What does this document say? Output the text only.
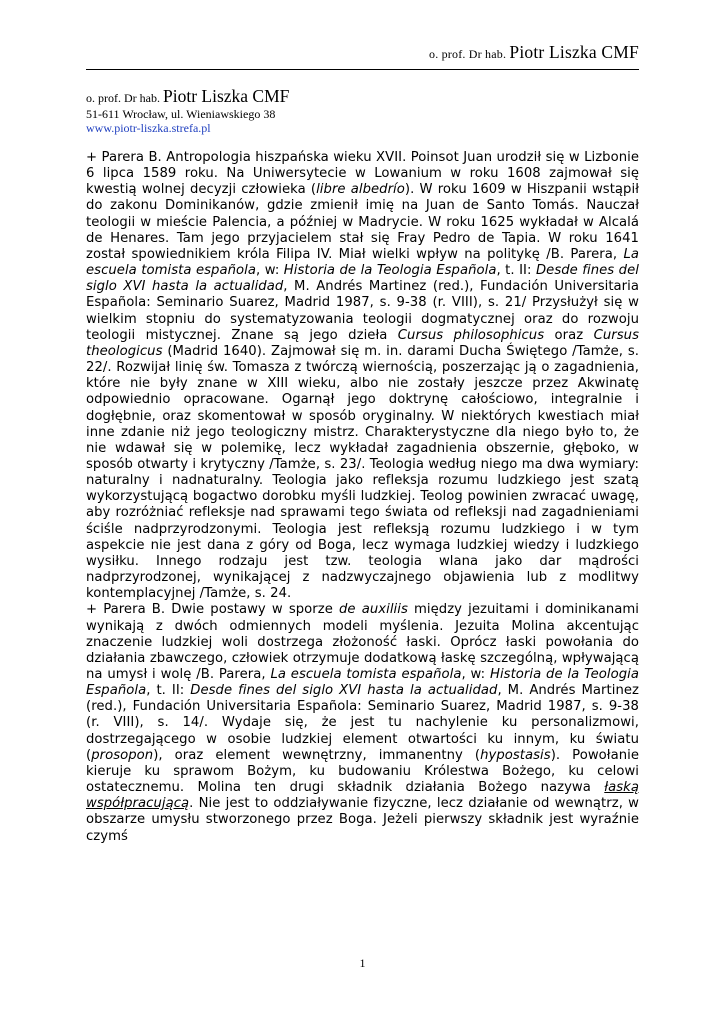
o. prof. Dr hab. Piotr Liszka CMF
o. prof. Dr hab. Piotr Liszka CMF
51-611 Wrocław, ul. Wieniawskiego 38
www.piotr-liszka.strefa.pl

+ Parera B. Antropologia hiszpańska wieku XVII. Poinsot Juan urodził się w Lizbonie 6 lipca 1589 roku. Na Uniwersytecie w Lowanium w roku 1608 zajmował się kwestią wolnej decyzji człowieka (libre albedrío). W roku 1609 w Hiszpanii wstąpił do zakonu Dominikanów, gdzie zmienił imię na Juan de Santo Tomás. Nauczał teologii w mieście Palencia, a później w Madrycie. W roku 1625 wykładał w Alcalá de Henares. Tam jego przyjacielem stał się Fray Pedro de Tapia. W roku 1641 został spowiednikiem króla Filipa IV. Miał wielki wpływ na politykę /B. Parera, La escuela tomista española, w: Historia de la Teologia Española, t. II: Desde fines del siglo XVI hasta la actualidad, M. Andrés Martinez (red.), Fundación Universitaria Española: Seminario Suarez, Madrid 1987, s. 9-38 (r. VIII), s. 21/ Przysłużył się w wielkim stopniu do systematyzowania teologii dogmatycznej oraz do rozwoju teologii mistycznej. Znane są jego dzieła Cursus philosophicus oraz Cursus theologicus (Madrid 1640). Zajmował się m. in. darami Ducha Świętego /Tamże, s. 22/. Rozwijał linię św. Tomasza z twórczą wiernością, poszerzając ją o zagadnienia, które nie były znane w XIII wieku, albo nie zostały jeszcze przez Akwinatę odpowiednio opracowane. Ogarnął jego doktrynę całościowo, integralnie i dogłębnie, oraz skomentował w sposób oryginalny. W niektórych kwestiach miał inne zdanie niż jego teologiczny mistrz. Charakterystyczne dla niego było to, że nie wdawał się w polemikę, lecz wykładał zagadnienia obszernie, głęboko, w sposób otwarty i krytyczny /Tamże, s. 23/. Teologia według niego ma dwa wymiary: naturalny i nadnaturalny. Teologia jako refleksja rozumu ludzkiego jest szatą wykorzystującą bogactwo dorobku myśli ludzkiej. Teolog powinien zwracać uwagę, aby rozróżniać refleksje nad sprawami tego świata od refleksji nad zagadnieniami ściśle nadprzyrodzonymi. Teologia jest refleksją rozumu ludzkiego i w tym aspekcie nie jest dana z góry od Boga, lecz wymaga ludzkiej wiedzy i ludzkiego wysiłku. Innego rodzaju jest tzw. teologia wlana jako dar mądrości nadprzyrodzonej, wynikającej z nadzwyczajnego objawienia lub z modlitwy kontemplacyjnej /Tamże, s. 24.

+ Parera B. Dwie postawy w sporze de auxiliis między jezuitami i dominikanami wynikają z dwóch odmiennych modeli myślenia. Jezuita Molina akcentując znaczenie ludzkiej woli dostrzega złożoność łaski. Oprócz łaski powołania do działania zbawczego, człowiek otrzymuje dodatkową łaskę szczególną, wpływającą na umysł i wolę /B. Parera, La escuela tomista española, w: Historia de la Teologia Española, t. II: Desde fines del siglo XVI hasta la actualidad, M. Andrés Martinez (red.), Fundación Universitaria Española: Seminario Suarez, Madrid 1987, s. 9-38 (r. VIII), s. 14/. Wydaje się, że jest tu nachylenie ku personalizmowi, dostrzegającego w osobie ludzkiej element otwartości ku innym, ku światu (prosopon), oraz element wewnętrzny, immanentny (hypostasis). Powołanie kieruje ku sprawom Bożym, ku budowaniu Królestwa Bożego, ku celowi ostatecznemu. Molina ten drugi składnik działania Bożego nazywa łaską współpracującą. Nie jest to oddziaływanie fizyczne, lecz działanie od wewnątrz, w obszarze umysłu stworzonego przez Boga. Jeżeli pierwszy składnik jest wyraźnie czymś

1
